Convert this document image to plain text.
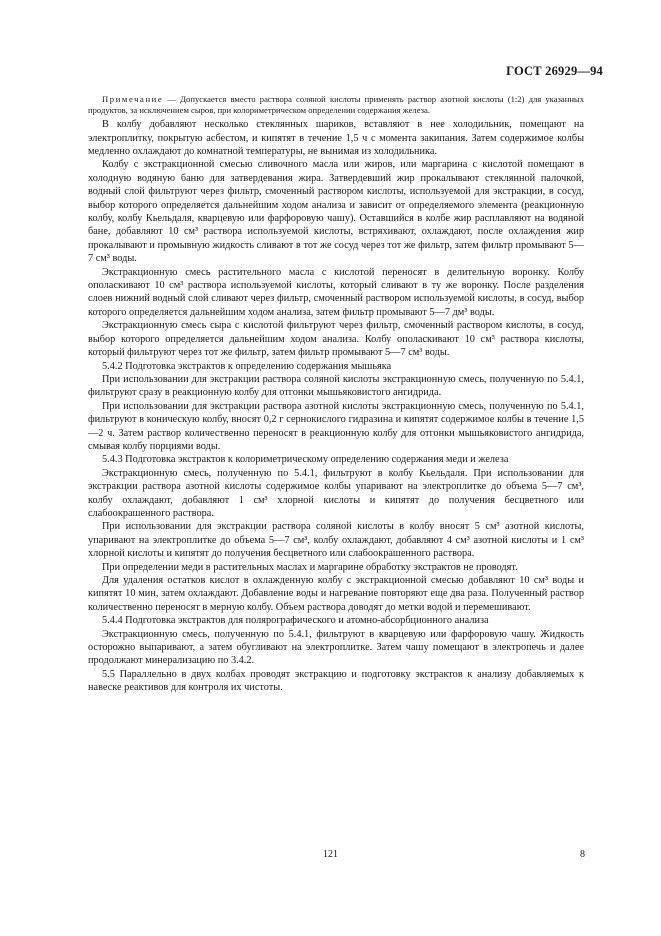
ГОСТ 26929—94

Примечание — Допускается вместо раствора соляной кислоты применять раствор азотной кислоты (1:2) для указанных продуктов, за исключением сыров, при колориметрическом определении содержания железа.

В колбу добавляют несколько стеклянных шариков, вставляют в нее холодильник, помещают на электроплитку, покрытую асбестом, и кипятят в течение 1,5 ч с момента закипания. Затем содержимое колбы медленно охлаждают до комнатной температуры, не вынимая из холодильника.

Колбу с экстракционной смесью сливочного масла или жиров, или маргарина с кислотой помещают в холодную водяную баню для затвердевания жира. Затвердевший жир прокалывают стеклянной палочкой, водный слой фильтруют через фильтр, смоченный раствором кислоты, используемой для экстракции, в сосуд, выбор которого определяется дальнейшим ходом анализа и зависит от определяемого элемента (реакционную колбу, колбу Кьельдаля, кварцевую или фарфоровую чашу). Оставшийся в колбе жир расплавляют на водяной бане, добавляют 10 см³ раствора используемой кислоты, встряхивают, охлаждают, после охлаждения жир прокалывают и промывную жидкость сливают в тот же сосуд через тот же фильтр, затем фильтр промывают 5—7 см³ воды.

Экстракционную смесь растительного масла с кислотой переносят в делительную воронку. Колбу ополаскивают 10 см³ раствора используемой кислоты, который сливают в ту же воронку. После разделения слоев нижний водный слой сливают через фильтр, смоченный раствором используемой кислоты, в сосуд, выбор которого определяется дальнейшим ходом анализа, затем фильтр промывают 5—7 дм³ воды.

Экстракционную смесь сыра с кислотой фильтруют через фильтр, смоченный раствором кислоты, в сосуд, выбор которого определяется дальнейшим ходом анализа. Колбу ополаскивают 10 см³ раствора кислоты, который фильтруют через тот же фильтр, затем фильтр промывают 5—7 см³ воды.

5.4.2 Подготовка экстрактов к определению содержания мышьяка

При использовании для экстракции раствора соляной кислоты экстракционную смесь, полученную по 5.4.1, фильтруют сразу в реакционную колбу для отгонки мышьяковистого ангидрида.

При использовании для экстракции раствора азотной кислоты экстракционную смесь, полученную по 5.4.1, фильтруют в коническую колбу, вносят 0,2 г сернокислого гидразина и кипятят содержимое колбы в течение 1,5—2 ч. Затем раствор количественно переносят в реакционную колбу для отгонки мышьяковистого ангидрида, смывая колбу порциями воды.

5.4.3 Подготовка экстрактов к колориметрическому определению содержания меди и железа

Экстракционную смесь, полученную по 5.4.1, фильтруют в колбу Кьельдаля. При использовании для экстракции раствора азотной кислоты содержимое колбы упаривают на электроплитке до объема 5—7 см³, колбу охлаждают, добавляют 1 см³ хлорной кислоты и кипятят до получения бесцветного или слабоокрашенного раствора.

При использовании для экстракции раствора соляной кислоты в колбу вносят 5 см³ азотной кислоты, упаривают на электроплитке до объема 5—7 см³, колбу охлаждают, добавляют 4 см³ азотной кислоты и 1 см³ хлорной кислоты и кипятят до получения бесцветного или слабоокрашенного раствора.

При определении меди в растительных маслах и маргарине обработку экстрактов не проводят.

Для удаления остатков кислот в охлажденную колбу с экстракционной смесью добавляют 10 см³ воды и кипятят 10 мин, затем охлаждают. Добавление воды и нагревание повторяют еще два раза. Полученный раствор количественно переносят в мерную колбу. Объем раствора доводят до метки водой и перемешивают.

5.4.4 Подготовка экстрактов для полярографического и атомно-абсорбционного анализа

Экстракционную смесь, полученную по 5.4.1, фильтруют в кварцевую или фарфоровую чашу. Жидкость осторожно выпаривают, а затем обугливают на электроплитке. Затем чашу помещают в электропечь и далее продолжают минерализацию по 3.4.2.

5.5 Параллельно в двух колбах проводят экстракцию и подготовку экстрактов к анализу добавляемых к навеске реактивов для контроля их чистоты.

121	8
